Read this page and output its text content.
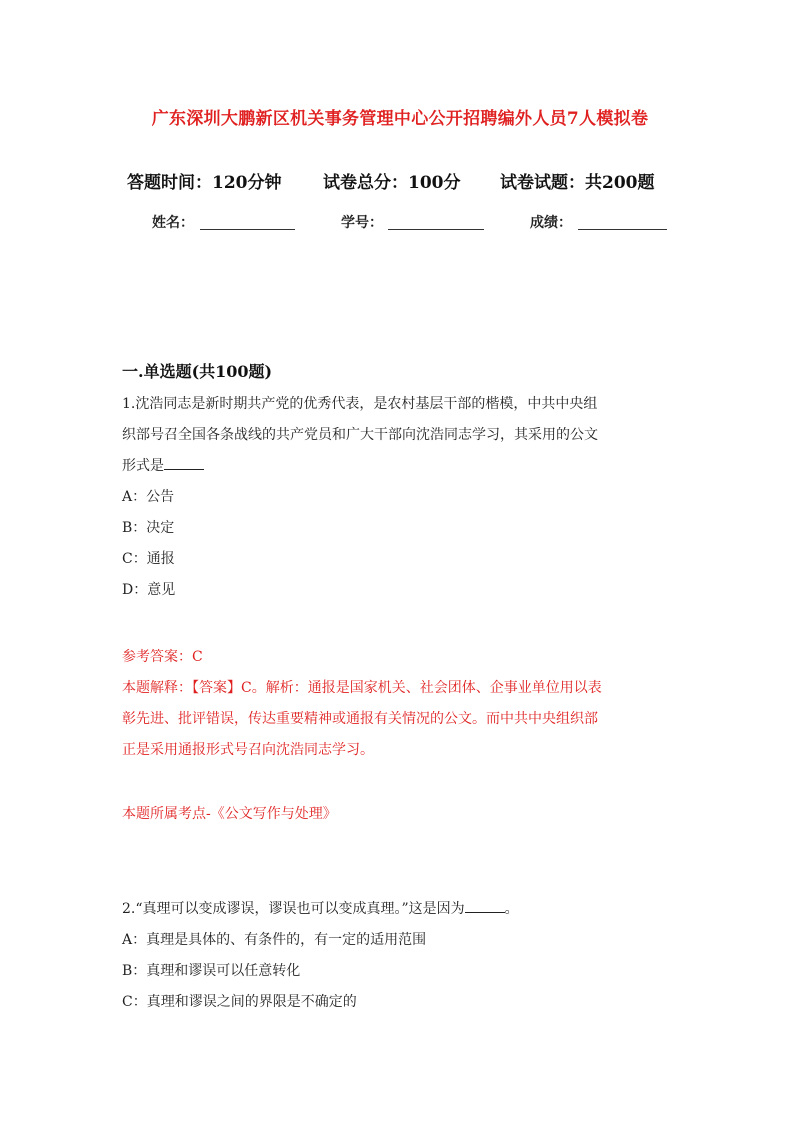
广东深圳大鹏新区机关事务管理中心公开招聘编外人员7人模拟卷
答题时间：120分钟 试卷总分：100分 试卷试题：共200题
姓名：	学号：	成绩：
一.单选题(共100题)
1.沈浩同志是新时期共产党的优秀代表，是农村基层干部的楷模，中共中央组
织部号召全国各条战线的共产党员和广大干部向沈浩同志学习，其采用的公文
形式是
A：公告
B：决定
C：通报
D：意见
参考答案：C
本题解释：【答案】C。解析：通报是国家机关、社会团体、企事业单位用以表
彰先进、批评错误，传达重要精神或通报有关情况的公文。而中共中央组织部
正是采用通报形式号召向沈浩同志学习。
本题所属考点-《公文写作与处理》
2.“真理可以变成谬误，谬误也可以变成真理。”这是因为	。
A：真理是具体的、有条件的，有一定的适用范围
B：真理和谬误可以任意转化
C：真理和谬误之间的界限是不确定的
